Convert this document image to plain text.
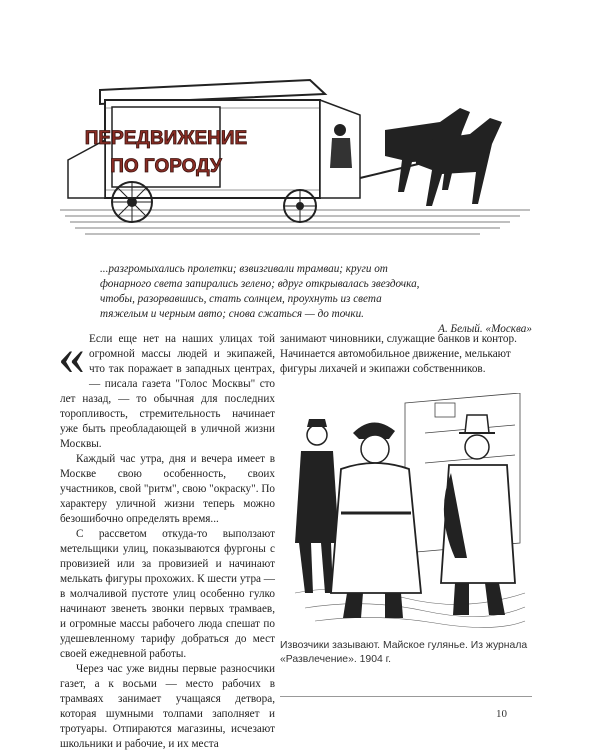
ПЕРЕДВИЖЕНИЕ
ПО ГОРОДУ
...разгромыхались пролетки; взвизгивали трамваи; круги от
фонарного света запирались зелено; вдруг открывалась звездочка,
чтобы, разорвавшись, стать солнцем, проухнуть из света
тяжелым и черным авто; снова сжаться — до точки.
А. Белый. «Москва»
« Если еще нет на наших улицах той огромной массы людей и экипажей, что так поражает в западных центрах, — писала газета "Голос Москвы" сто лет назад, — то обычная для последних торопливость, стремительность начинает уже быть преобладающей в уличной жизни Москвы.

Каждый час утра, дня и вечера имеет в Москве свою особенность, своих участников, свой "ритм", свою "окраску". По характеру уличной жизни теперь можно безошибочно определять время...

С рассветом откуда-то выползают метельщики улиц, показываются фургоны с провизией или за провизией и начинают мелькать фигуры прохожих. К шести утра — в молчаливой пустоте улиц особенно гулко начинают звенеть звонки первых трамваев, и огромные массы рабочего люда спешат по удешевленному тарифу добраться до мест своей ежедневной работы.

Через час уже видны первые разносчики газет, а к восьми — место рабочих в трамваях занимает учащаяся детвора, которая шумными толпами заполняет и тротуары. Отпираются магазины, исчезают школьники и рабочие, и их места

занимают чиновники, служащие банков и контор. Начинается автомобильное движение, мелькают фигуры лихачей и экипажи собственников.

Извозчики зазывают. Майское гулянье. Из журнала
«Развлечение». 1904 г.
10
